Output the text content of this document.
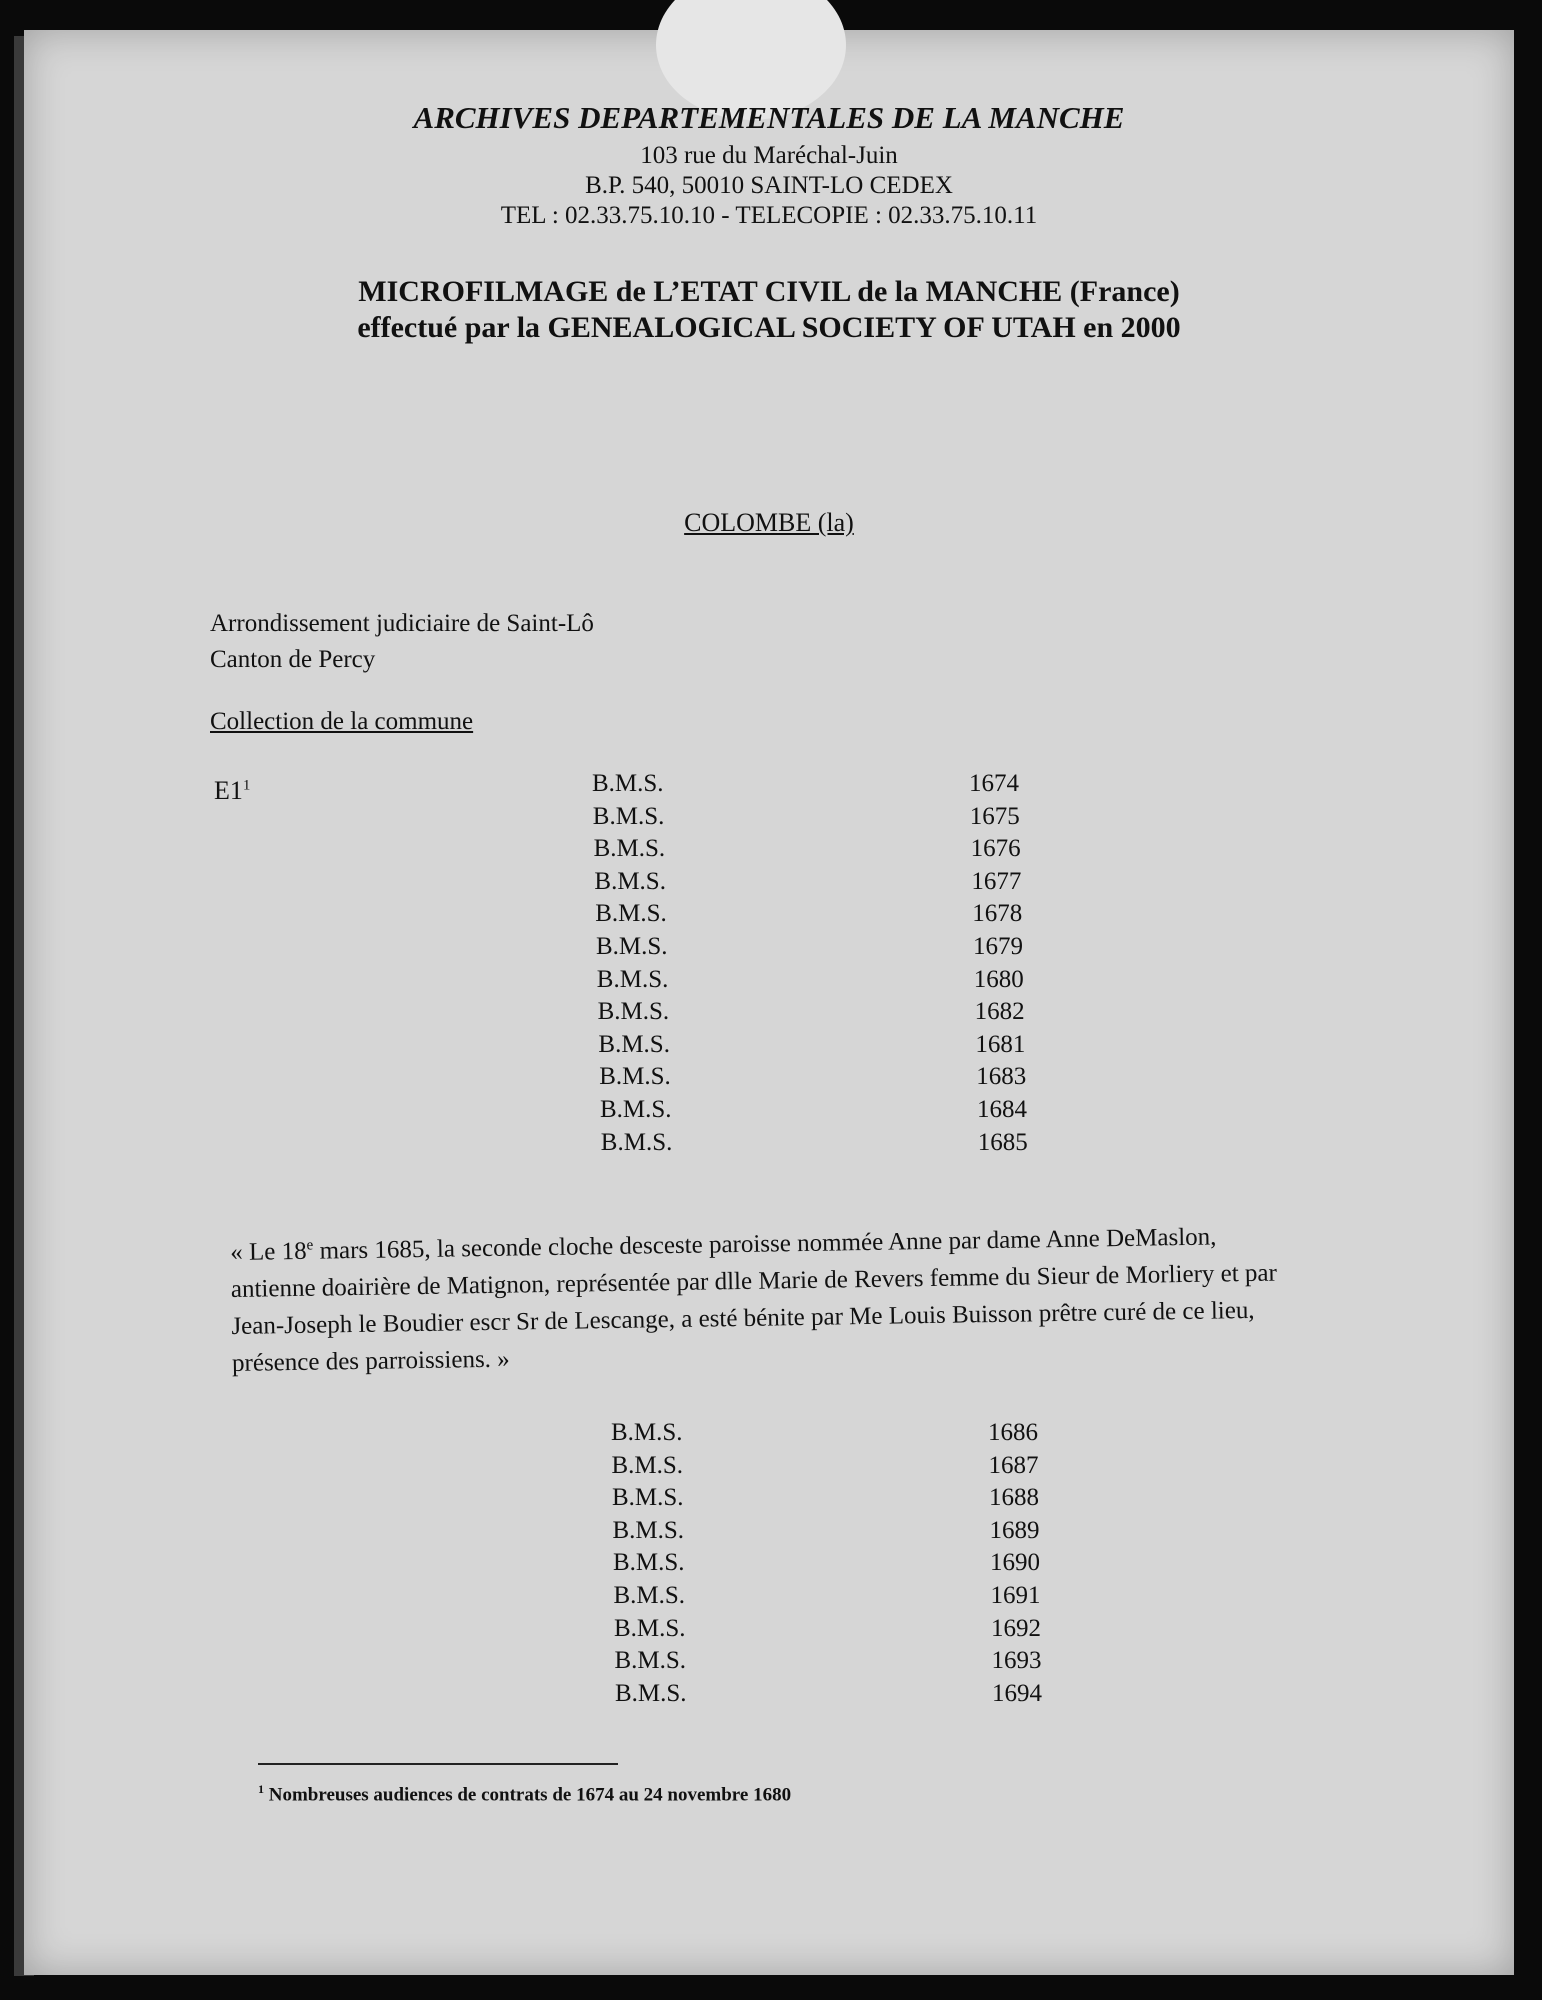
ARCHIVES DEPARTEMENTALES DE LA MANCHE
103 rue du Maréchal-Juin
B.P. 540, 50010 SAINT-LO CEDEX
TEL : 02.33.75.10.10 - TELECOPIE : 02.33.75.10.11
MICROFILMAGE de L’ETAT CIVIL de la MANCHE (France)
effectué par la GENEALOGICAL SOCIETY OF UTAH en 2000
COLOMBE (la)
Arrondissement judiciaire de Saint-Lô
Canton de Percy
Collection de la commune
$E1^1$	B.M.S.	1674
B.M.S.	1675
B.M.S.	1676
B.M.S.	1677
B.M.S.	1678
B.M.S.	1679
B.M.S.	1680
B.M.S.	1682
B.M.S.	1681
B.M.S.	1683
B.M.S.	1684
B.M.S.	1685
« Le 18e mars 1685, la seconde cloche desceste paroisse nommée Anne par dame Anne DeMaslon, antienne doairière de Matignon, représentée par dlle Marie de Revers femme du Sieur de Morliery et par Jean-Joseph le Boudier escr Sr de Lescange, a esté bénite par Me Louis Buisson prêtre curé de ce lieu, présence des parroissiens. »
B.M.S.	1686
B.M.S.	1687
B.M.S.	1688
B.M.S.	1689
B.M.S.	1690
B.M.S.	1691
B.M.S.	1692
B.M.S.	1693
B.M.S.	1694
$^1$ Nombreuses audiences de contrats de 1674 au 24 novembre 1680
